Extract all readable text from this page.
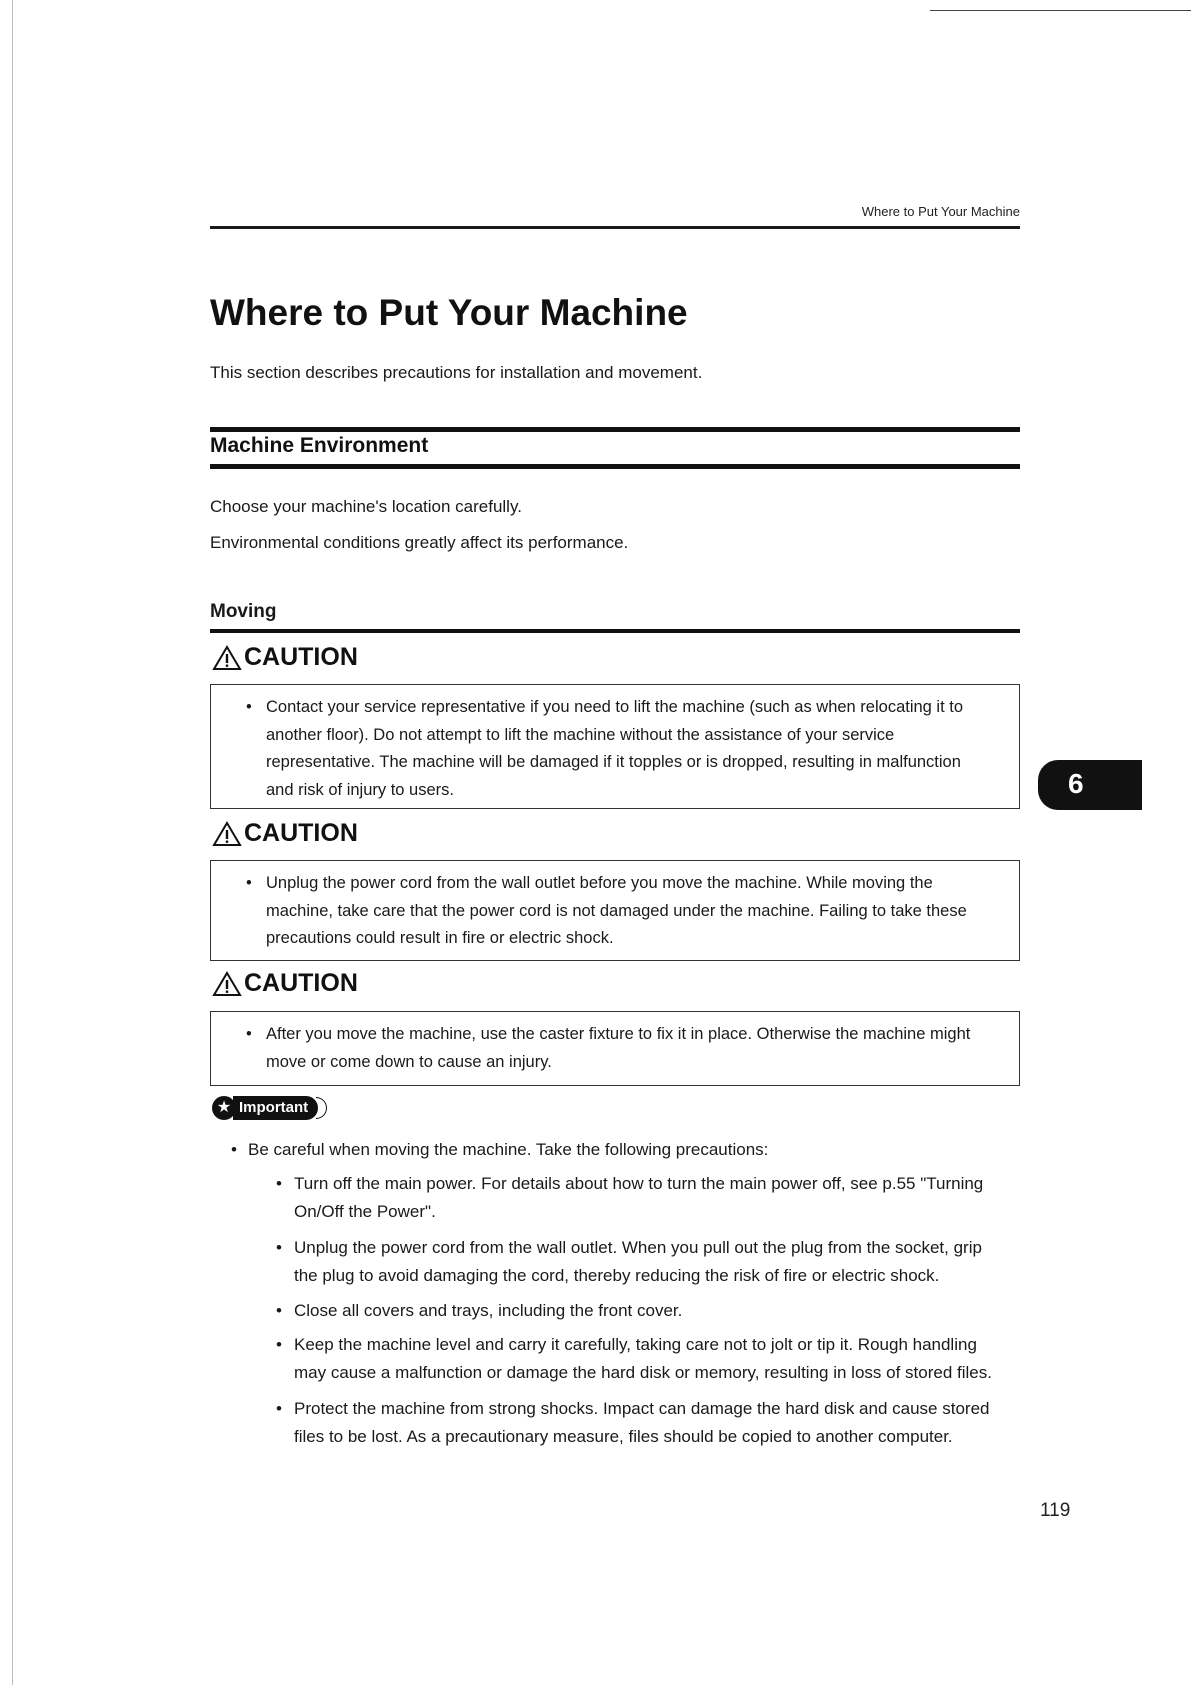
Where to Put Your Machine
Where to Put Your Machine
This section describes precautions for installation and movement.
Machine Environment
Choose your machine's location carefully.
Environmental conditions greatly affect its performance.
Moving
CAUTION
• Contact your service representative if you need to lift the machine (such as when relocating it to
another floor). Do not attempt to lift the machine without the assistance of your service
representative. The machine will be damaged if it topples or is dropped, resulting in malfunction
and risk of injury to users.
CAUTION
• Unplug the power cord from the wall outlet before you move the machine. While moving the
machine, take care that the power cord is not damaged under the machine. Failing to take these
precautions could result in fire or electric shock.
CAUTION
• After you move the machine, use the caster fixture to fix it in place. Otherwise the machine might
move or come down to cause an injury.
★ Important
• Be careful when moving the machine. Take the following precautions:
• Turn off the main power. For details about how to turn the main power off, see p.55 "Turning
On/Off the Power".
• Unplug the power cord from the wall outlet. When you pull out the plug from the socket, grip
the plug to avoid damaging the cord, thereby reducing the risk of fire or electric shock.
• Close all covers and trays, including the front cover.
• Keep the machine level and carry it carefully, taking care not to jolt or tip it. Rough handling
may cause a malfunction or damage the hard disk or memory, resulting in loss of stored files.
• Protect the machine from strong shocks. Impact can damage the hard disk and cause stored
files to be lost. As a precautionary measure, files should be copied to another computer.
6
119
